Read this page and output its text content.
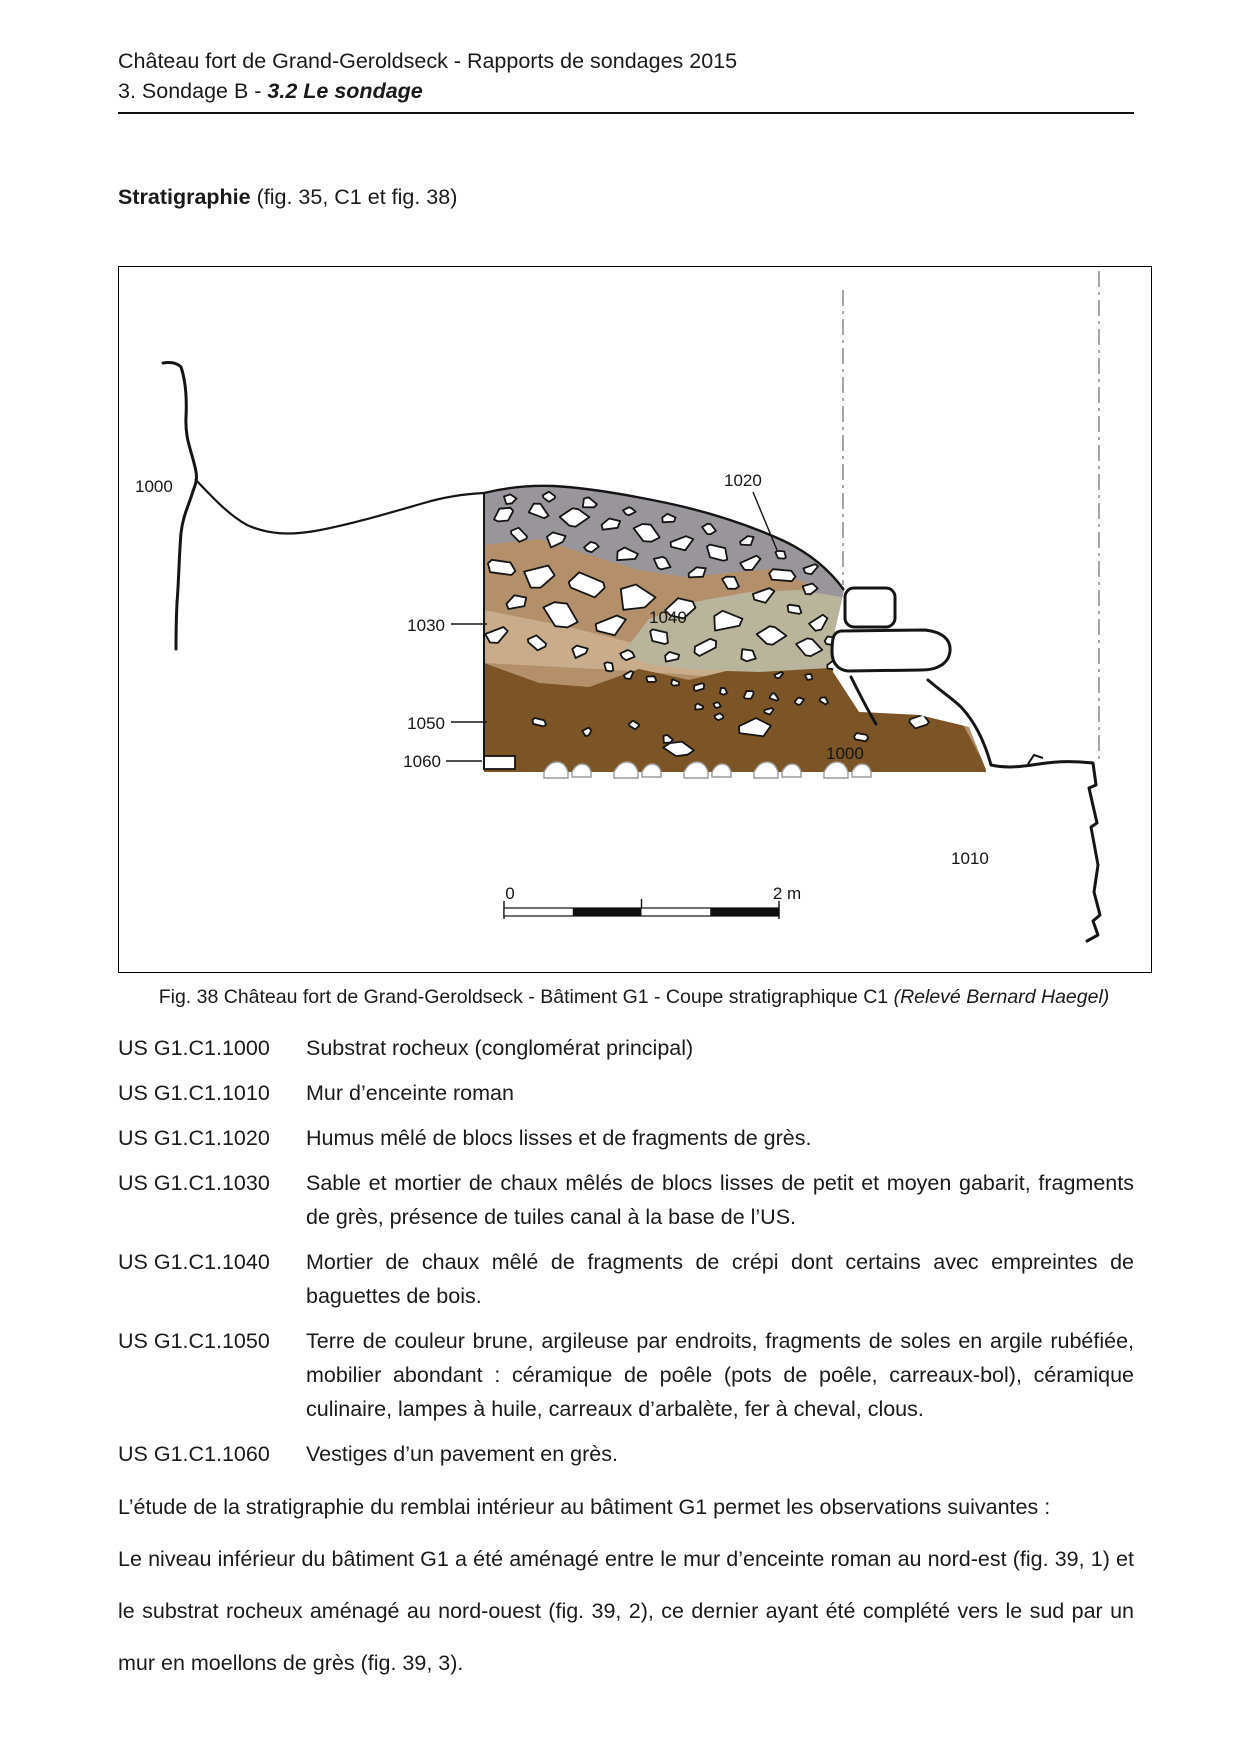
Château fort de Grand-Geroldseck - Rapports de sondages 2015
3. Sondage B - 3.2 Le sondage
Stratigraphie (fig. 35, C1 et fig. 38)
1000	1020
1030	1040
1050
1060	1000
1010
0	2 m
Fig. 38 Château fort de Grand-Geroldseck - Bâtiment G1 - Coupe stratigraphique C1 (Relevé Bernard Haegel)
US G1.C1.1000	Substrat rocheux (conglomérat principal)
US G1.C1.1010	Mur d’enceinte roman
US G1.C1.1020	Humus mêlé de blocs lisses et de fragments de grès.
US G1.C1.1030	Sable et mortier de chaux mêlés de blocs lisses de petit et moyen gabarit, fragments de grès, présence de tuiles canal à la base de l’US.
US G1.C1.1040	Mortier de chaux mêlé de fragments de crépi dont certains avec empreintes de baguettes de bois.
US G1.C1.1050	Terre de couleur brune, argileuse par endroits, fragments de soles en argile rubéfiée, mobilier abondant : céramique de poêle (pots de poêle, carreaux-bol), céramique culinaire, lampes à huile, carreaux d’arbalète, fer à cheval, clous.
US G1.C1.1060	Vestiges d’un pavement en grès.

L’étude de la stratigraphie du remblai intérieur au bâtiment G1 permet les observations suivantes :

Le niveau inférieur du bâtiment G1 a été aménagé entre le mur d’enceinte roman au nord-est (fig. 39, 1) et le substrat rocheux aménagé au nord-ouest (fig. 39, 2), ce dernier ayant été complété vers le sud par un mur en moellons de grès (fig. 39, 3).
